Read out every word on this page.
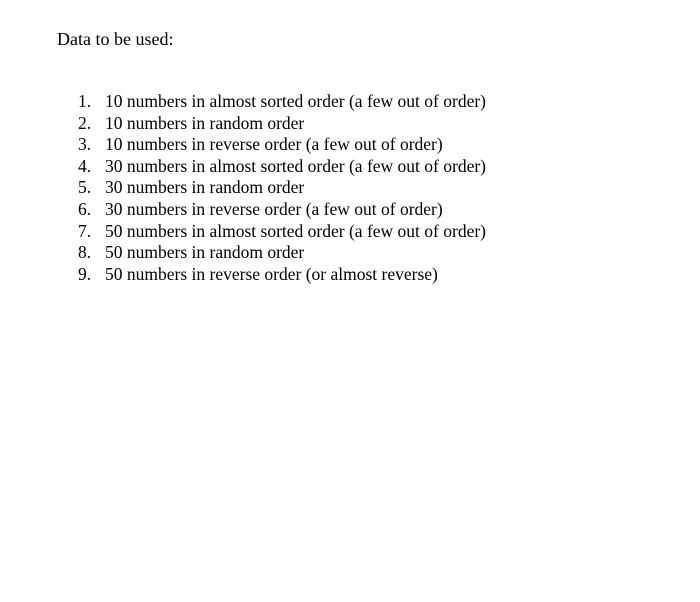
Data to be used:
1. 10 numbers in almost sorted order (a few out of order)
2. 10 numbers in random order
3. 10 numbers in reverse order (a few out of order)
4. 30 numbers in almost sorted order (a few out of order)
5. 30 numbers in random order
6. 30 numbers in reverse order (a few out of order)
7. 50 numbers in almost sorted order (a few out of order)
8. 50 numbers in random order
9. 50 numbers in reverse order (or almost reverse)
